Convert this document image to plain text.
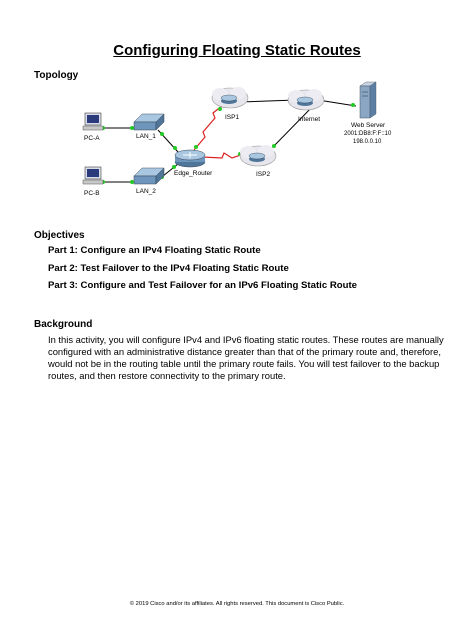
Configuring Floating Static Routes
Topology
PC-A
PC-B
LAN_1
LAN_2
Edge_Router
ISP1	Internet
ISP2
Web Server
2001:DB8:F:F::10
198.0.0.10
Objectives
Part 1: Configure an IPv4 Floating Static Route
Part 2: Test Failover to the IPv4 Floating Static Route
Part 3: Configure and Test Failover for an IPv6 Floating Static Route
Background
In this activity, you will configure IPv4 and IPv6 floating static routes. These routes are manually configured with an administrative distance greater than that of the primary route and, therefore, would not be in the routing table until the primary route fails. You will test failover to the backup routes, and then restore connectivity to the primary route.
© 2019 Cisco and/or its affiliates. All rights reserved. This document is Cisco Public.
